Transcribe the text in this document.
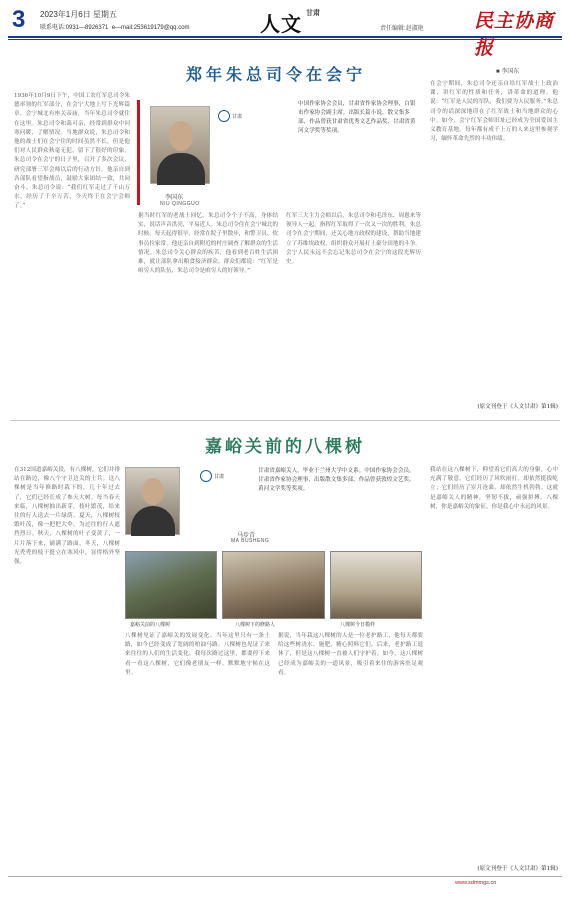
3 2023年1月6日 星期五
联系电话:0931—8926371 e—mail:253619179@qq.com	人文
甘肃
责任编辑:赵淑艳	民主协商报
郑年朱总司令在会宁	■ 李国东
1936年10月9日下午，中国工农红军总司令朱德率领的红军部分，在会宁大地上写下光辉篇章。会宁城北有座关帝庙，当年朱总司令就住在这里。朱总司令和蔼可亲，经常到群众中问寒问暖，了解情况。当地群众说，朱总司令和他的战士们在会宁住的时间虽然不长，但是他们对人民群众秋毫无犯，留下了很好的印象。朱总司令在会宁的日子里，召开了多次会议，研究部署三军会师以后的行动方针。他亲自到各部队看望指战员，鼓励大家团结一致，共同奋斗。朱总司令说：“我们红军走过了千山万水，经历了千辛万苦，今天终于在会宁会师了。”
甘肃
李国东
NIU QINGGUO
中国作家协会会员，甘肃省作家协会理事，白银市作家协会副主席。出版长篇小说、散文集多部，作品曾获甘肃省优秀文艺作品奖、甘肃省黄河文学奖等奖项。
据当时红军的老战士回忆，朱总司令个子不高，身体结实，说话声音洪亮，平易近人。朱总司令住在会宁城北的时候，每天起得很早，经常在院子里散步，和警卫员、炊事员拉家常。他还亲自到附近的村庄调查了解群众的生活情况。朱总司令关心群众的疾苦，他看到老百姓生活困难，就让部队拿出粮食接济群众。群众们都说：“红军是咱穷人的队伍，朱总司令是咱穷人的好领导。”
红军三大主力会师以后，朱总司令和毛泽东、周恩来等领导人一起，指挥红军取得了一次又一次的胜利。朱总司令在会宁期间，还关心地方政权的建设，帮助当地建立了苏维埃政权，组织群众开展打土豪分田地的斗争。会宁人民永远不会忘记朱总司令在会宁的这段光辉历史。
在会宁期间，朱总司令还亲自给红军战士上政治课，讲红军的性质和任务，讲革命的道理。他说：“红军是人民的军队，我们要为人民服务。”朱总司令的话深深地印在了红军战士和当地群众的心中。如今，会宁红军会师旧址已经成为全国爱国主义教育基地，每年都有成千上万的人来这里参观学习，缅怀革命先烈的丰功伟绩。
(原文刊登于《人文甘肃》第1辑)
嘉峪关前的八棵树
在312国道嘉峪关段，有八棵树，它们并排站在路边，像八个守卫边关的士兵。这八棵树是当年修路时栽下的，几十年过去了，它们已经长成了参天大树。每当春天来临，八棵树抽出新芽，枝叶繁茂，给来往的行人送去一片绿荫。夏天，八棵树枝繁叶茂，像一把把大伞，为过往的行人遮挡烈日。秋天，八棵树的叶子变黄了，一片片落下来，铺满了路面。冬天，八棵树光秃秃的枝干挺立在寒风中，显得格外坚强。
甘肃
甘肃省嘉峪关人，毕业于兰州大学中文系。中国作家协会会员，甘肃省作家协会理事，出版散文集多部，作品曾获敦煌文艺奖、黄河文学奖等奖项。
马步青
MA BUSHENG
嘉峪关前的八棵树	八棵树下的修路人	八棵树今日模样
八棵树见证了嘉峪关的发展变化。当年这里只有一条土路，如今已经变成了宽阔的柏油马路。八棵树也见证了来来往往的人们的生活变化。我每次路过这里，都要停下来看一看这八棵树，它们像老朋友一样，默默地守候在这里。
据说，当年栽这八棵树的人是一位老护路工，他每天都要给这些树浇水、施肥，精心照料它们。后来，老护路工退休了，但是这八棵树一直被人们守护着。如今，这八棵树已经成为嘉峪关的一道风景，吸引着来往的游客驻足观看。
我站在这八棵树下，仰望着它们高大的身躯，心中充满了敬意。它们经历了风吹雨打，却依然挺拔屹立；它们经历了岁月沧桑，却依然生机勃勃。这就是嘉峪关人的精神，坚韧不拔，顽强拼搏。八棵树，你是嘉峪关的象征，你是我心中永远的风景。
(原文刊登于《人文甘肃》第1辑)
www.sdmmgs.cn
